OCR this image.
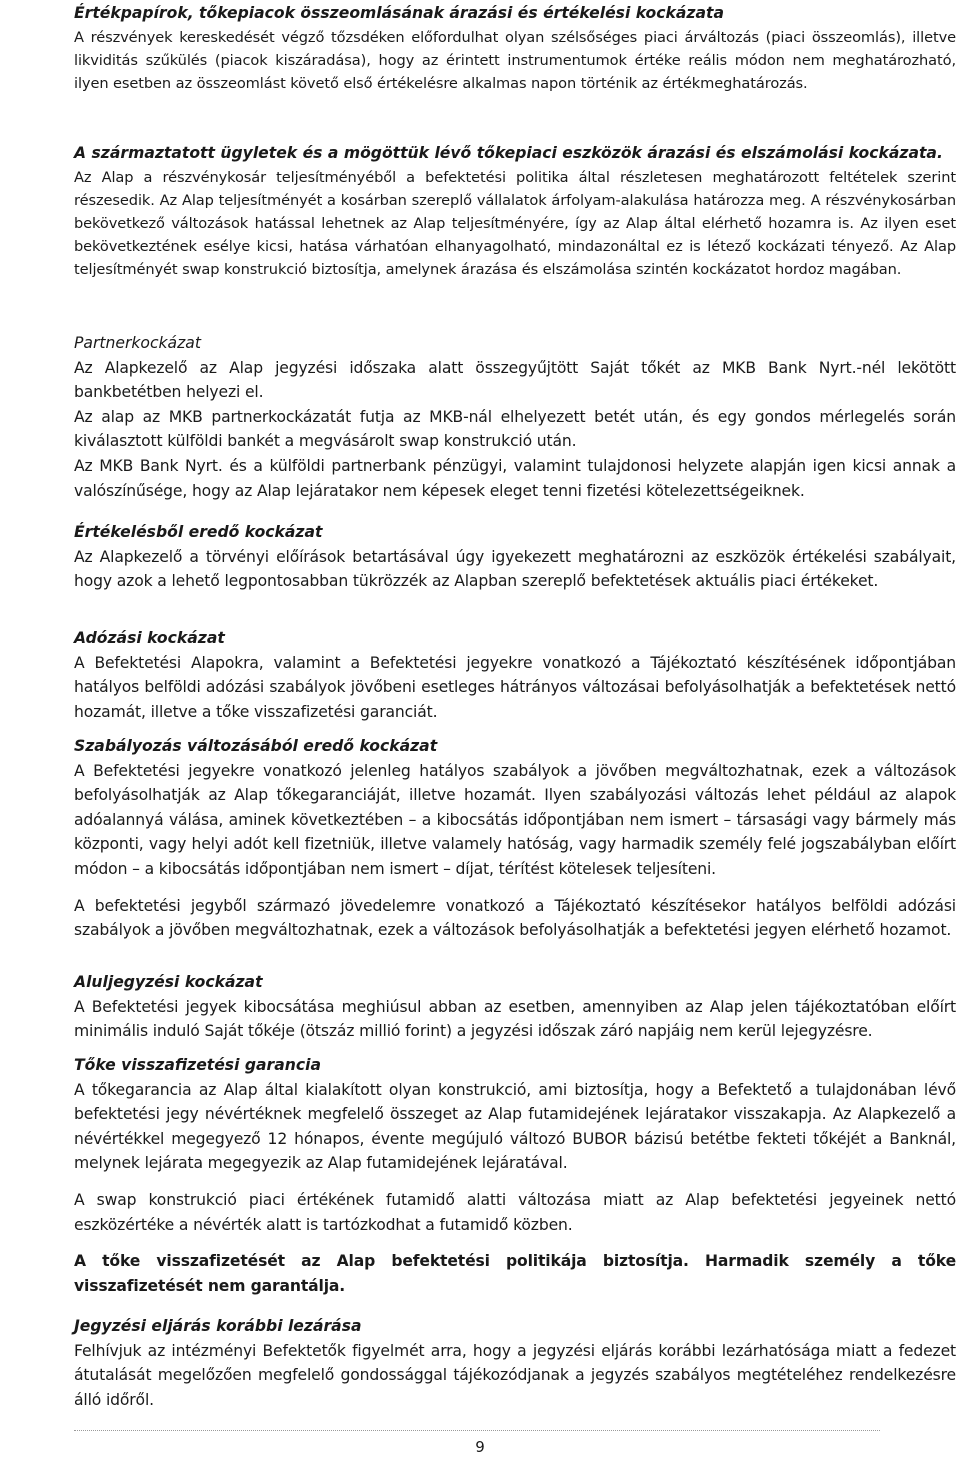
Értékpapírok, tőkepiacok összeomlásának árazási és értékelési kockázata

A részvények kereskedését végző tőzsdéken előfordulhat olyan szélsőséges piaci árváltozás (piaci összeomlás), illetve likviditás szűkülés (piacok kiszáradása), hogy az érintett instrumentumok értéke reális módon nem meghatározható, ilyen esetben az összeomlást követő első értékelésre alkalmas napon történik az értékmeghatározás.

A származtatott ügyletek és a mögöttük lévő tőkepiaci eszközök árazási és elszámolási kockázata.

Az Alap a részvénykosár teljesítményéből a befektetési politika által részletesen meghatározott feltételek szerint részesedik. Az Alap teljesítményét a kosárban szereplő vállalatok árfolyam-alakulása határozza meg. A részvénykosárban bekövetkező változások hatással lehetnek az Alap teljesítményére, így az Alap által elérhető hozamra is. Az ilyen eset bekövetkeztének esélye kicsi, hatása várhatóan elhanyagolható, mindazonáltal ez is létező kockázati tényező. Az Alap teljesítményét swap konstrukció biztosítja, amelynek árazása és elszámolása szintén kockázatot hordoz magában.

Partnerkockázat

Az Alapkezelő az Alap jegyzési időszaka alatt összegyűjtött Saját tőkét az MKB Bank Nyrt.-nél lekötött bankbetétben helyezi el.

Az alap az MKB partnerkockázatát futja az MKB-nál elhelyezett betét után, és egy gondos mérlegelés során kiválasztott külföldi bankét a megvásárolt swap konstrukció után.

Az MKB Bank Nyrt. és a külföldi partnerbank pénzügyi, valamint tulajdonosi helyzete alapján igen kicsi annak a valószínűsége, hogy az Alap lejáratakor nem képesek eleget tenni fizetési kötelezettségeiknek.

Értékelésből eredő kockázat

Az Alapkezelő a törvényi előírások betartásával úgy igyekezett meghatározni az eszközök értékelési szabályait, hogy azok a lehető legpontosabban tükrözzék az Alapban szereplő befektetések aktuális piaci értékeket.

Adózási kockázat

A Befektetési Alapokra, valamint a Befektetési jegyekre vonatkozó a Tájékoztató készítésének időpontjában hatályos belföldi adózási szabályok jövőbeni esetleges hátrányos változásai befolyásolhatják a befektetések nettó hozamát, illetve a tőke visszafizetési garanciát.

Szabályozás változásából eredő kockázat

A Befektetési jegyekre vonatkozó jelenleg hatályos szabályok a jövőben megváltozhatnak, ezek a változások befolyásolhatják az Alap tőkegaranciáját, illetve hozamát. Ilyen szabályozási változás lehet például az alapok adóalannyá válása, aminek következtében – a kibocsátás időpontjában nem ismert – társasági vagy bármely más központi, vagy helyi adót kell fizetniük, illetve valamely hatóság, vagy harmadik személy felé jogszabályban előírt módon – a kibocsátás időpontjában nem ismert – díjat, térítést kötelesek teljesíteni.

A befektetési jegyből származó jövedelemre vonatkozó a Tájékoztató készítésekor hatályos belföldi adózási szabályok a jövőben megváltozhatnak, ezek a változások befolyásolhatják a befektetési jegyen elérhető hozamot.

Aluljegyzési kockázat

A Befektetési jegyek kibocsátása meghiúsul abban az esetben, amennyiben az Alap jelen tájékoztatóban előírt minimális induló Saját tőkéje (ötszáz millió forint) a jegyzési időszak záró napjáig nem kerül lejegyzésre.

Tőke visszafizetési garancia

A tőkegarancia az Alap által kialakított olyan konstrukció, ami biztosítja, hogy a Befektető a tulajdonában lévő befektetési jegy névértéknek megfelelő összeget az Alap futamidejének lejáratakor visszakapja. Az Alapkezelő a névértékkel megegyező 12 hónapos, évente megújuló változó BUBOR bázisú betétbe fekteti tőkéjét a Banknál, melynek lejárata megegyezik az Alap futamidejének lejáratával.

A swap konstrukció piaci értékének futamidő alatti változása miatt az Alap befektetési jegyeinek nettó eszközértéke a névérték alatt is tartózkodhat a futamidő közben.

A tőke visszafizetését az Alap befektetési politikája biztosítja. Harmadik személy a tőke visszafizetését nem garantálja.

Jegyzési eljárás korábbi lezárása

Felhívjuk az intézményi Befektetők figyelmét arra, hogy a jegyzési eljárás korábbi lezárhatósága miatt a fedezet átutalását megelőzően megfelelő gondossággal tájékozódjanak a jegyzés szabályos megtételéhez rendelkezésre álló időről.

9
